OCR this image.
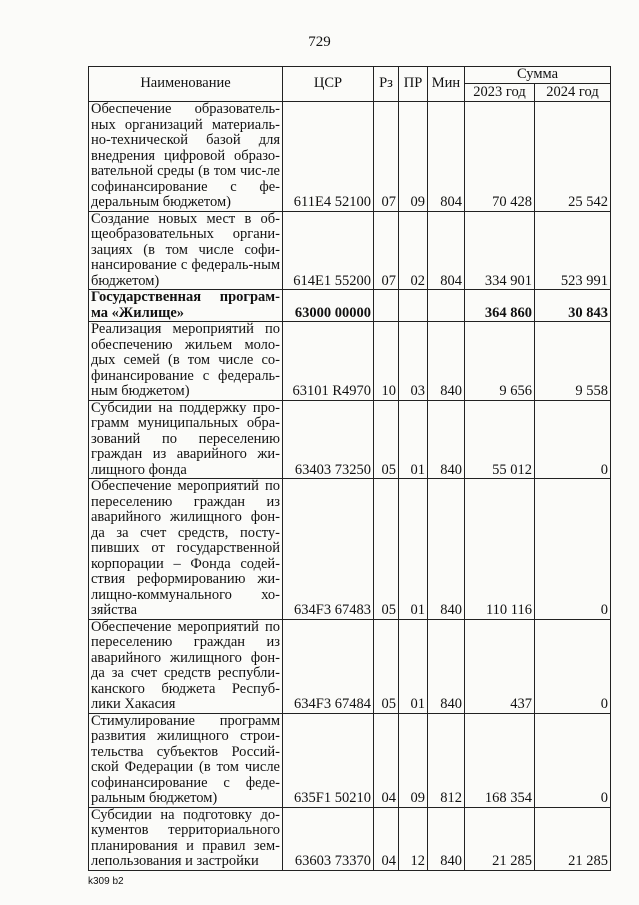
729
Наименование	ЦСР	Рз	ПР	Мин	Сумма	
					2023 год	2024 год
Обеспечение образователь-ных организаций материаль-но-технической базой для внедрения цифровой образо-вательной среды (в том чис-ле софинансирование с фе-деральным бюджетом)	611Е4 52100	07	09	804	70 428	25 542
Создание новых мест в об-щеобразовательных органи-зациях (в том числе софи-нансирование с федераль-ным бюджетом)	614Е1 55200	07	02	804	334 901	523 991
Государственная програм-ма «Жилище»	63000 00000				364 860	30 843
Реализация мероприятий по обеспечению жильем моло-дых семей (в том числе со-финансирование с федераль-ным бюджетом)	63101 R4970	10	03	840	9 656	9 558
Субсидии на поддержку про-грамм муниципальных обра-зований по переселению граждан из аварийного жи-лищного фонда	63403 73250	05	01	840	55 012	0
Обеспечение мероприятий по переселению граждан из аварийного жилищного фон-да за счет средств, посту-пивших от государственной корпорации – Фонда содей-ствия реформированию жи-лищно-коммунального хо-зяйства	634F3 67483	05	01	840	110 116	0
Обеспечение мероприятий по переселению граждан из аварийного жилищного фон-да за счет средств республи-канского бюджета Респуб-лики Хакасия	634F3 67484	05	01	840	437	0
Стимулирование программ развития жилищного строи-тельства субъектов Россий-ской Федерации (в том числе софинансирование с феде-ральным бюджетом)	635F1 50210	04	09	812	168 354	0
Субсидии на подготовку до-кументов территориального планирования и правил зем-лепользования и застройки	63603 73370	04	12	840	21 285	21 285
k309 b2
